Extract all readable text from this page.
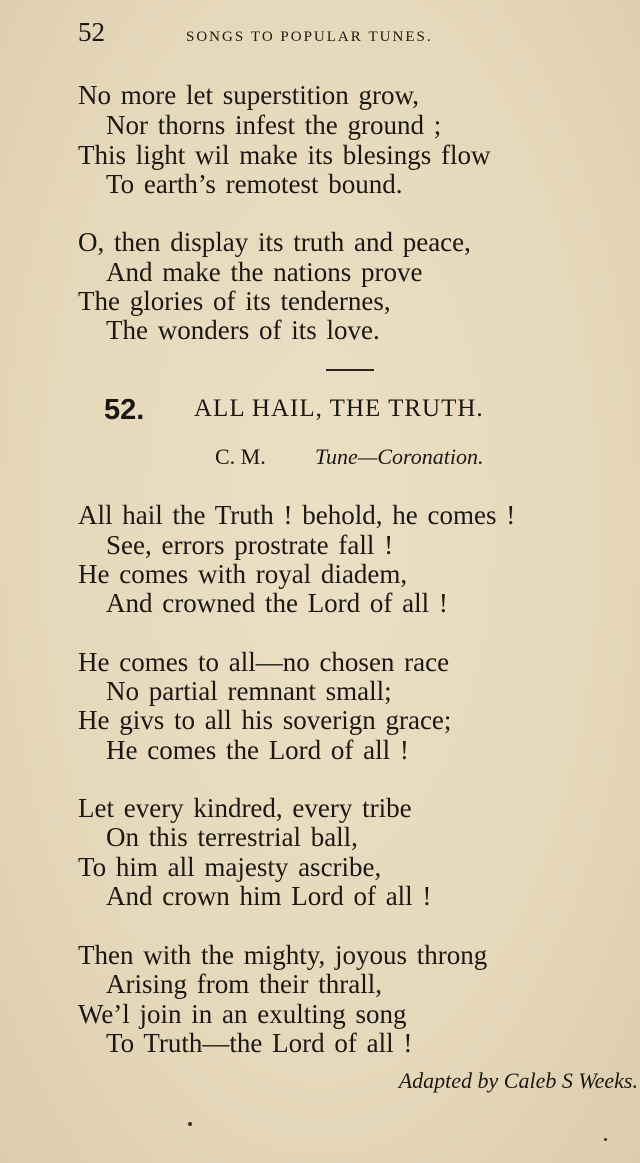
52	songs to popular tunes.
No more let superstition grow,
Nor thorns infest the ground ;
This light wil make its blesings flow
To earth’s remotest bound.
O, then display its truth and peace,
And make the nations prove
The glories of its tendernes,
The wonders of its love.
52. ALL HAIL, THE TRUTH.
C. M. Tune—Coronation.
All hail the Truth ! behold, he comes !
See, errors prostrate fall !
He comes with royal diadem,
And crowned the Lord of all !
He comes to all—no chosen race
No partial remnant small;
He givs to all his soverign grace;
He comes the Lord of all !
Let every kindred, every tribe
On this terrestrial ball,
To him all majesty ascribe,
And crown him Lord of all !
Then with the mighty, joyous throng
Arising from their thrall,
We’l join in an exulting song
To Truth—the Lord of all !
Adapted by Caleb S Weeks.
